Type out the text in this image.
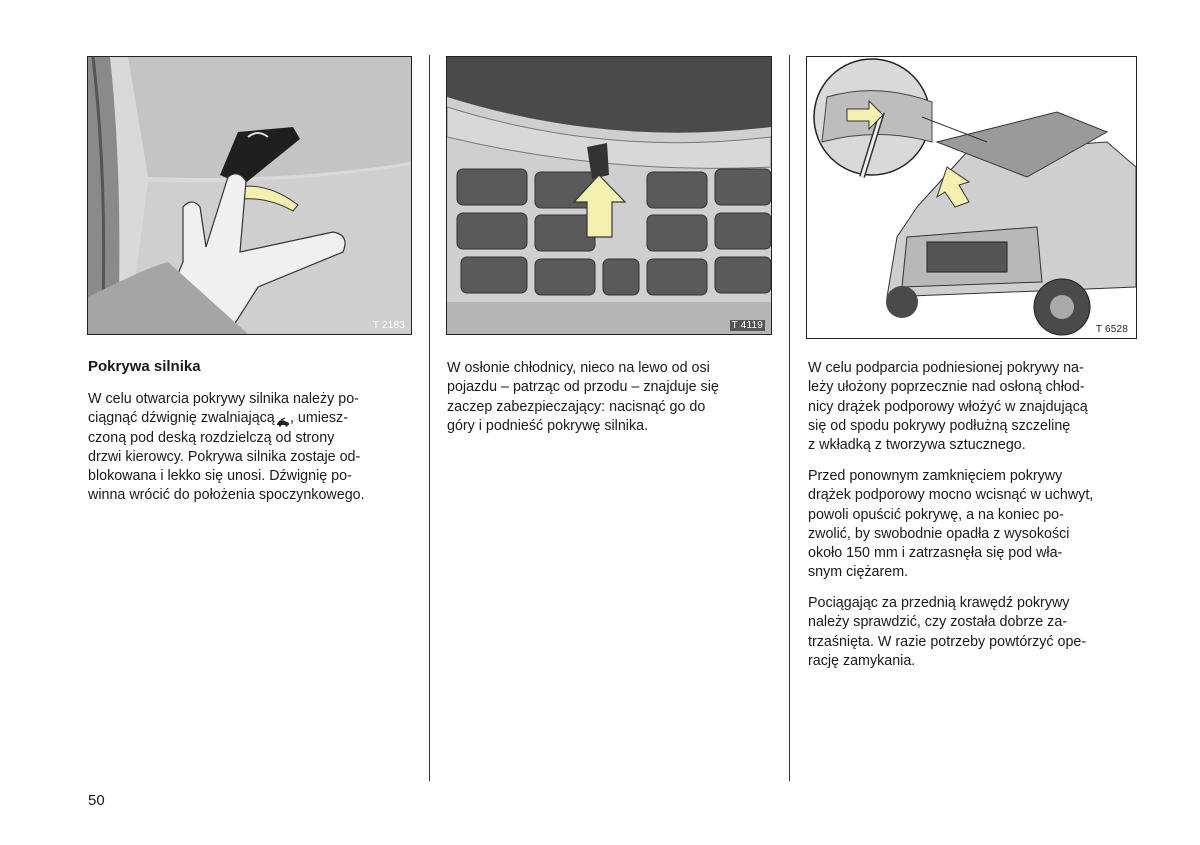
T 2183	T 4119	T 6528
Pokrywa silnika

W celu otwarcia pokrywy silnika należy po-
ciągnąć dźwignię zwalniającą  , umiesz-
czoną pod deską rozdzielczą od strony
drzwi kierowcy. Pokrywa silnika zostaje od-
blokowana i lekko się unosi. Dźwignię po-
winna wrócić do położenia spoczynkowego.

W osłonie chłodnicy, nieco na lewo od osi
pojazdu – patrząc od przodu – znajduje się
zaczep zabezpieczający: nacisnąć go do
góry i podnieść pokrywę silnika.

W celu podparcia podniesionej pokrywy na-
leży ułożony poprzecznie nad osłoną chłod-
nicy drążek podporowy włożyć w znajdującą
się od spodu pokrywy podłużną szczelinę
z wkładką z tworzywa sztucznego.

Przed ponownym zamknięciem pokrywy
drążek podporowy mocno wcisnąć w uchwyt,
powoli opuścić pokrywę, a na koniec po-
zwolić, by swobodnie opadła z wysokości
około 150 mm i zatrzasnęła się pod wła-
snym ciężarem.

Pociągając za przednią krawędź pokrywy
należy sprawdzić, czy została dobrze za-
trzaśnięta. W razie potrzeby powtórzyć ope-
rację zamykania.

50
